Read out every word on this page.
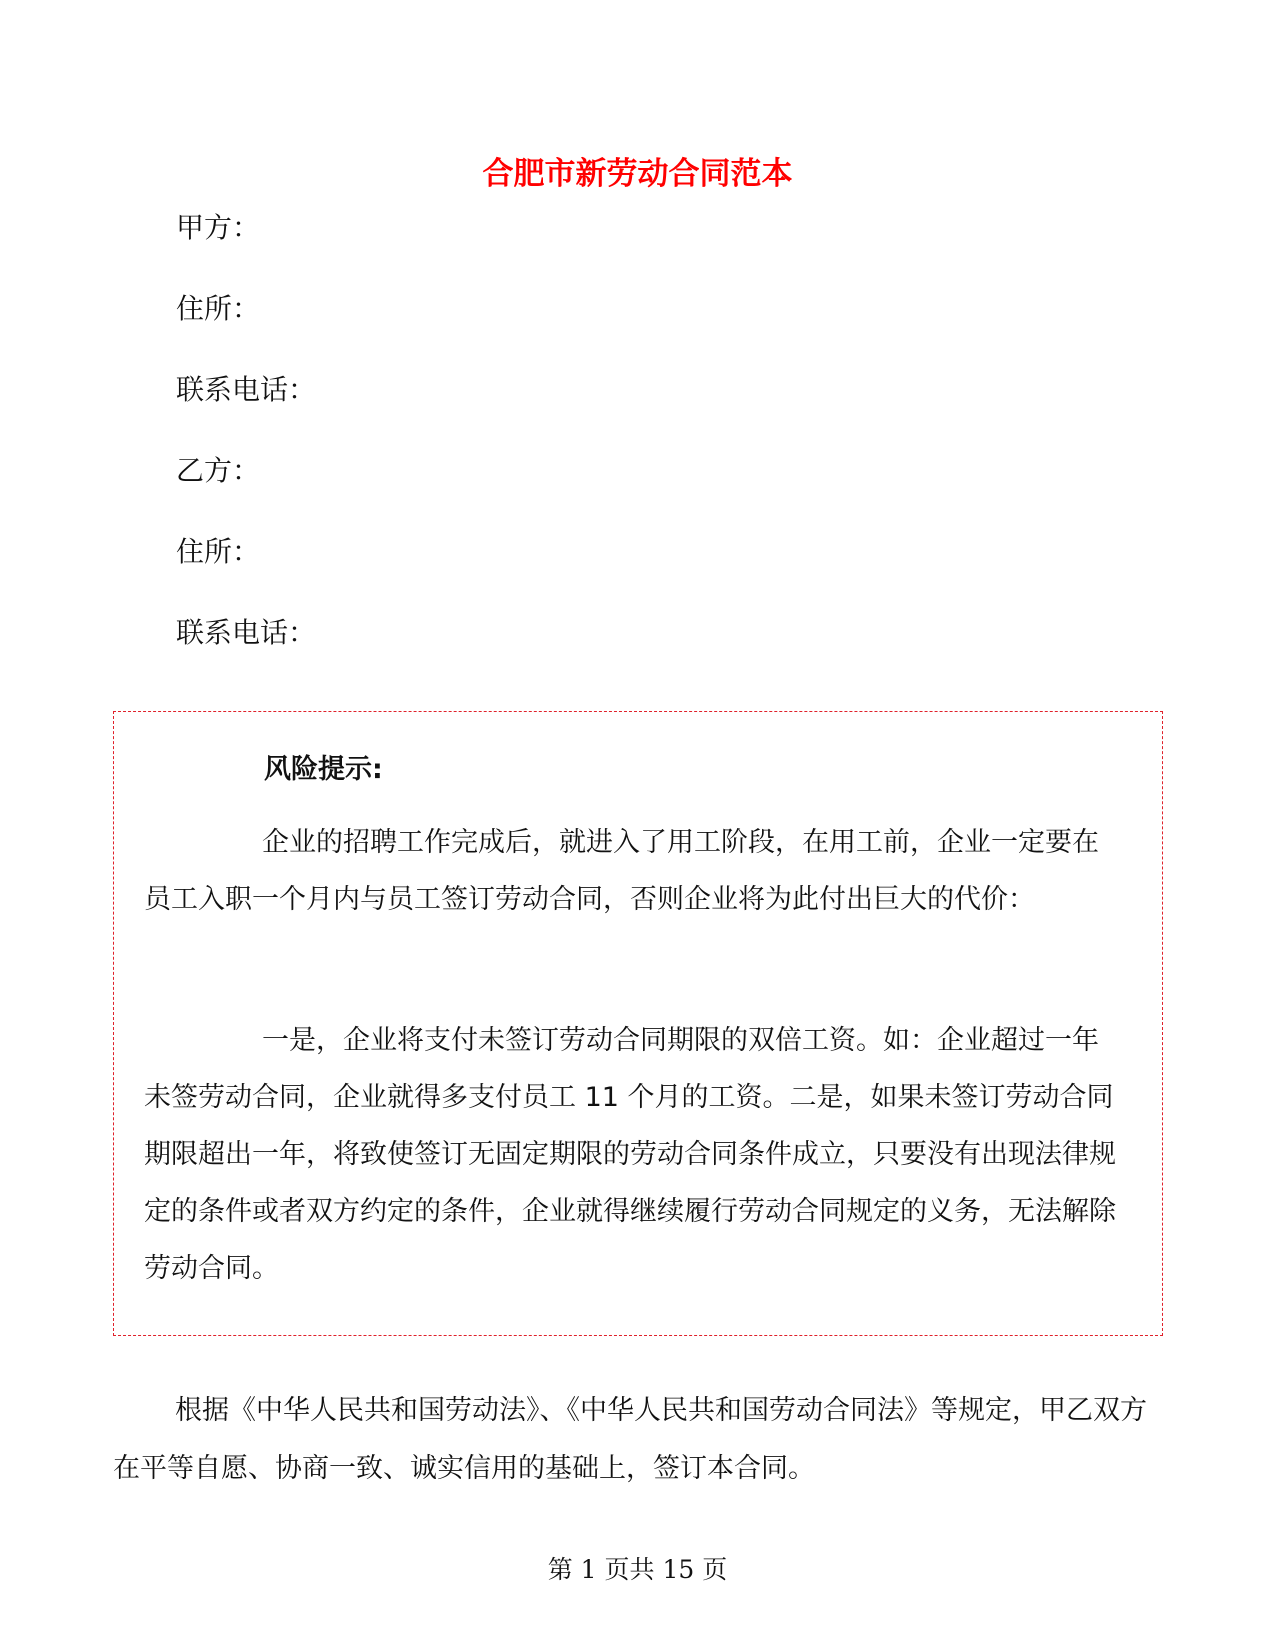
合肥市新劳动合同范本

甲方：

住所：

联系电话：

乙方：

住所：

联系电话：

风险提示:

企业的招聘工作完成后，就进入了用工阶段，在用工前，企业一定要在员工入职一个月内与员工签订劳动合同，否则企业将为此付出巨大的代价：

一是，企业将支付未签订劳动合同期限的双倍工资。如：企业超过一年未签劳动合同，企业就得多支付员工 11 个月的工资。二是，如果未签订劳动合同期限超出一年，将致使签订无固定期限的劳动合同条件成立，只要没有出现法律规定的条件或者双方约定的条件，企业就得继续履行劳动合同规定的义务，无法解除劳动合同。

根据《中华人民共和国劳动法》、《中华人民共和国劳动合同法》等规定，甲乙双方在平等自愿、协商一致、诚实信用的基础上，签订本合同。

第 1 页共 15 页
